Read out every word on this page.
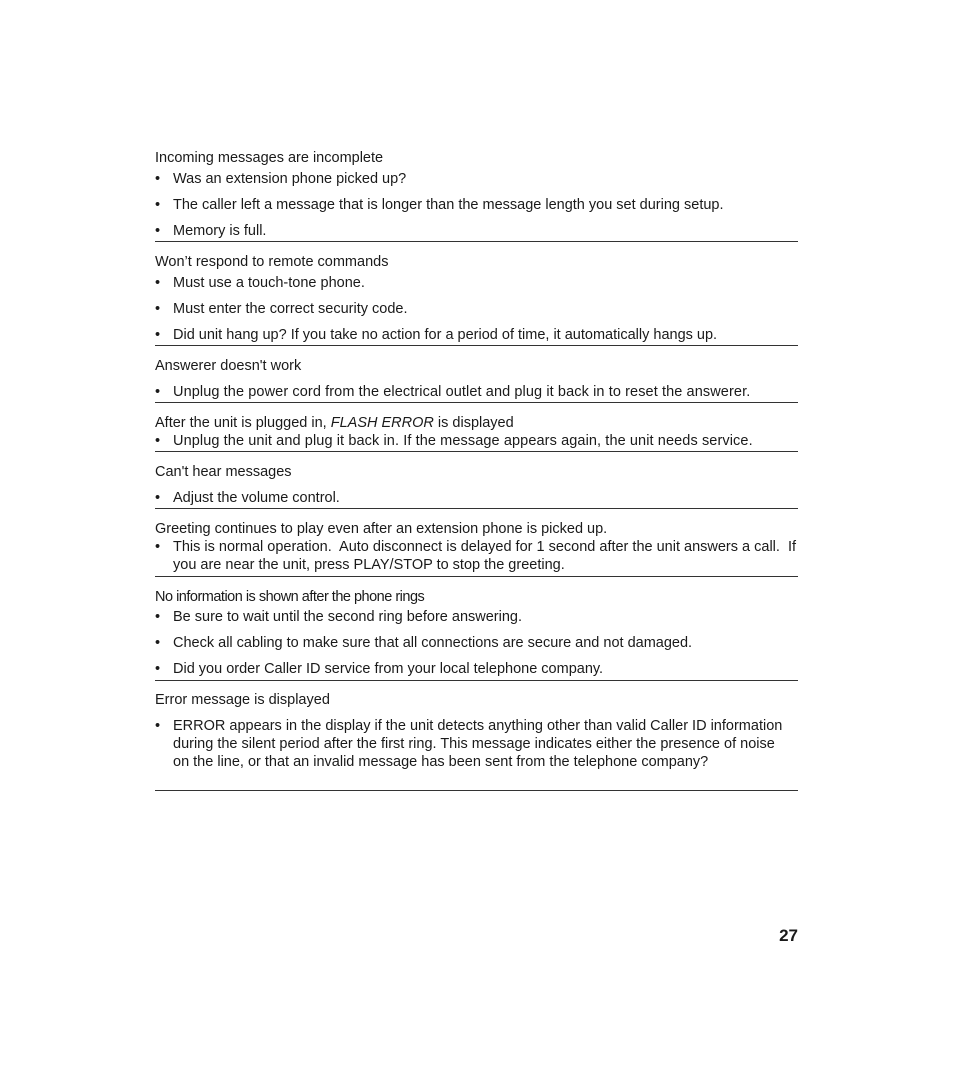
Incoming messages are incomplete
• Was an extension phone picked up?
• The caller left a message that is longer than the message length you set during setup.
• Memory is full.
Won’t respond to remote commands
• Must use a touch-tone phone.
• Must enter the correct security code.
• Did unit hang up? If you take no action for a period of time, it automatically hangs up.
Answerer doesn't work
• Unplug the power cord from the electrical outlet and plug it back in to reset the answerer.
After the unit is plugged in, FLASH ERROR is displayed
• Unplug the unit and plug it back in. If the message appears again, the unit needs service.
Can't hear messages
• Adjust the volume control.
Greeting continues to play even after an extension phone is picked up.
• This is normal operation.  Auto disconnect is delayed for 1 second after the unit answers a call.  If you are near the unit, press PLAY/STOP to stop the greeting.
No information is shown after the phone rings
• Be sure to wait until the second ring before answering.
• Check all cabling to make sure that all connections are secure and not damaged.
• Did you order Caller ID service from your local telephone company.
Error message is displayed
• ERROR appears in the display if the unit detects anything other than valid Caller ID information during the silent period after the first ring. This message indicates either the presence of noise on the line, or that an invalid message has been sent from the telephone company?
27
